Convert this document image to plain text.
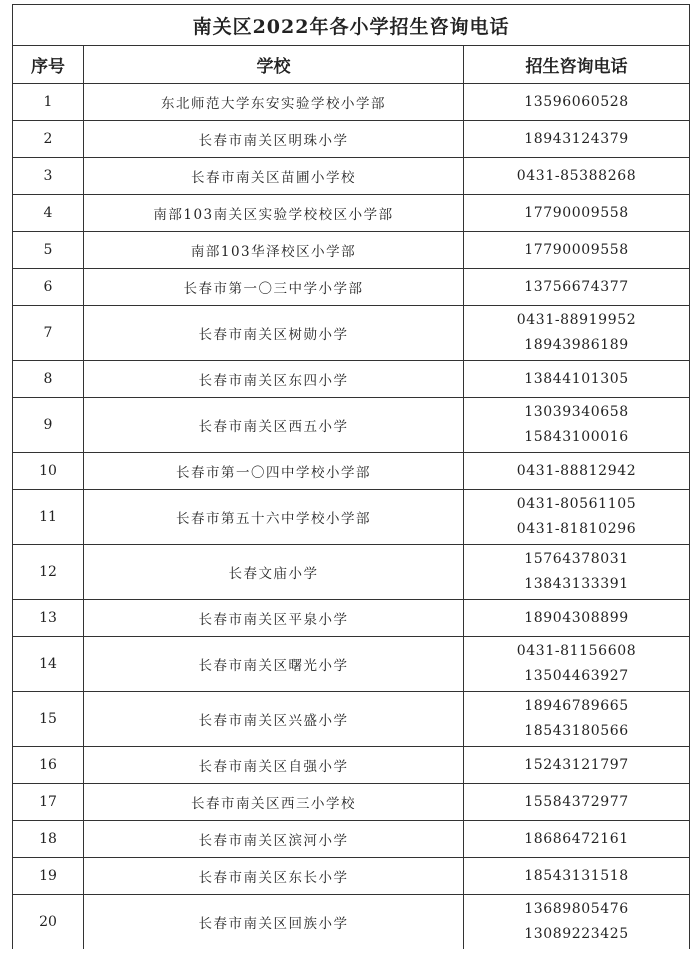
南关区2022年各小学招生咨询电话		
序号	学校	招生咨询电话
1	东北师范大学东安实验学校小学部	13596060528

2	长春市南关区明珠小学	18943124379

3	长春市南关区苗圃小学校	0431-85388268

4	南部103南关区实验学校校区小学部	17790009558

5	南部103华泽校区小学部	17790009558

6	长春市第一〇三中学小学部	13756674377

7	长春市南关区树勋小学	0431-88919952
18943986189

8	长春市南关区东四小学	13844101305

9	长春市南关区西五小学	13039340658
15843100016

10	长春市第一〇四中学校小学部	0431-88812942

11	长春市第五十六中学校小学部	0431-80561105
0431-81810296

12	长春文庙小学	15764378031
13843133391

13	长春市南关区平泉小学	18904308899

14	长春市南关区曙光小学	0431-81156608
13504463927

15	长春市南关区兴盛小学	18946789665
18543180566

16	长春市南关区自强小学	15243121797

17	长春市南关区西三小学校	15584372977

18	长春市南关区滨河小学	18686472161

19	长春市南关区东长小学	18543131518

20	长春市南关区回族小学	13689805476
13089223425
